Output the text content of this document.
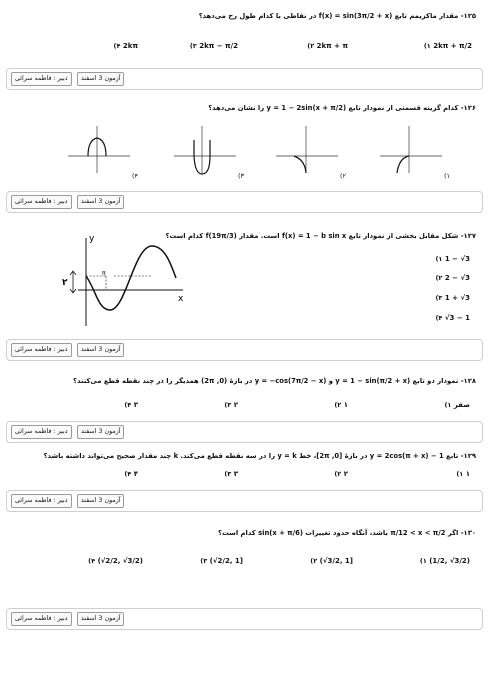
۱۲۵- مقدار ماکزیمم تابع f(x) = sin(3π/2 + x) در نقاطی با کدام طول رخ می‌دهد؟
(۱ 2kπ + π/2
(۲ 2kπ + π
(۳ 2kπ − π/2
(۴ 2kπ
دبیر : فاطمه سرائی	آزمون 3 اسفند
۱۲۶- کدام گزینه قسمتی از نمودار تابع y = 1 − 2sin(x + π/2) را نشان می‌دهد؟
(۴	(۳	(۲	(۱
دبیر : فاطمه سرائی	آزمون 3 اسفند
۱۲۷- شکل مقابل بخشی از نمودار تابع f(x) = 1 − b sin x است. مقدار f(19π/3) کدام است؟
y
x
π
۲
(۱ 1 − √3
(۲ 2 − √3
(۳ 1 + √3
(۴ √3 − 1
دبیر : فاطمه سرائی	آزمون 3 اسفند
۱۲۸- نمودار دو تابع y = 1 − sin(π/2 + x) و y = −cos(7π/2 − x) در بازهٔ (0, 2π) همدیگر را در چند نقطه قطع می‌کنند؟
(۱ صفر
(۲ ۱
(۳ ۲
(۴ ۳
دبیر : فاطمه سرائی	آزمون 3 اسفند
۱۲۹- تابع y = 2cos(π + x) − 1 در بازهٔ [0, 2π]، خط y = k را در سه نقطه قطع می‌کند. k چند مقدار صحیح می‌تواند داشته باشد؟
(۱ ۱
(۲ ۲
(۳ ۳
(۴ ۴
دبیر : فاطمه سرائی	آزمون 3 اسفند
۱۳۰- اگر π/12 < x < π/2 باشد، آنگاه حدود تغییرات sin(x + π/6) کدام است؟
(۱ (1/2, √3/2)
(۲ (√3/2, 1]
(۳ (√2/2, 1]
(۴ (√2/2, √3/2)
دبیر : فاطمه سرائی	آزمون 3 اسفند
